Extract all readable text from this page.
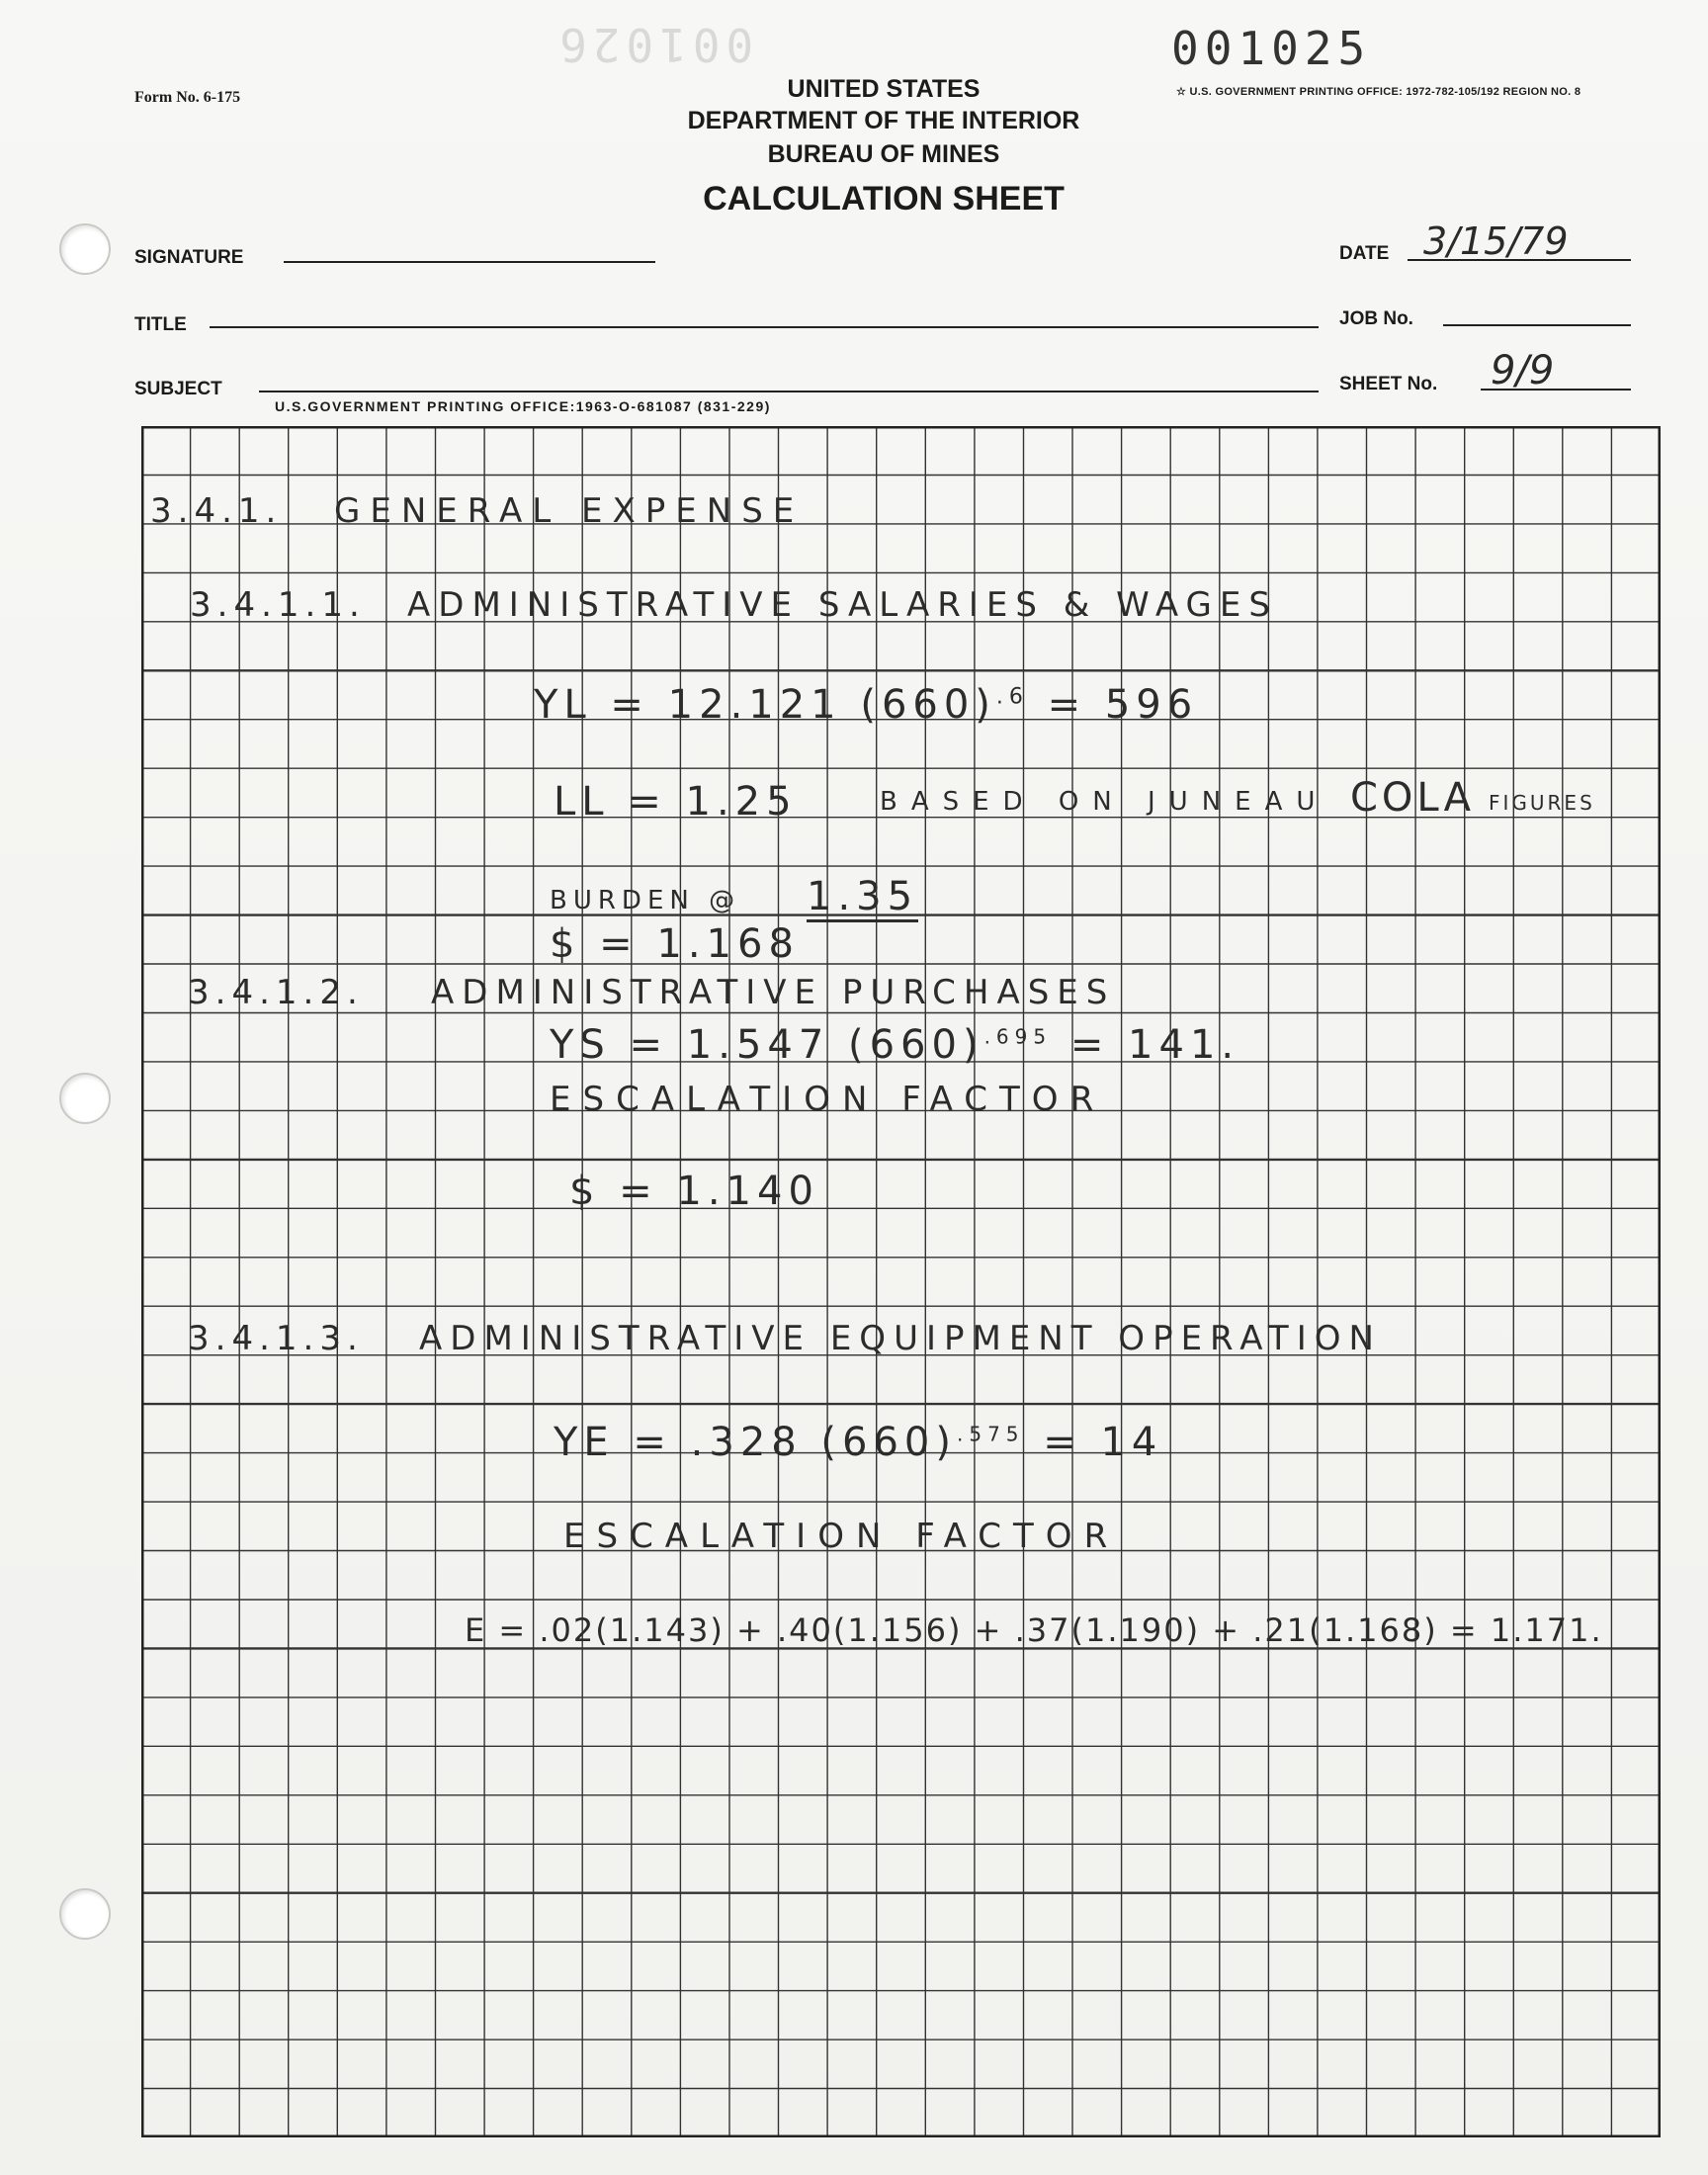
001026	001025
Form No. 6-175	☆ U.S. GOVERNMENT PRINTING OFFICE: 1972-782-105/192 REGION NO. 8
UNITED STATES
DEPARTMENT OF THE INTERIOR
BUREAU OF MINES
CALCULATION SHEET
SIGNATURE	DATE 3/15/79
TITLE	JOB No.
SUBJECT	SHEET No. 9/9
U.S.GOVERNMENT PRINTING OFFICE:1963-O-681087 (831-229)
3.4.1. GENERAL EXPENSE
3.4.1.1. ADMINISTRATIVE SALARIES & WAGES
YL = 12.121 $(660)^{.6} = 596$
LL = 1.25	BASED ON JUNEAU COLA FIGURES
BURDEN @ 1.35
$ = 1.168
3.4.1.2. ADMINISTRATIVE PURCHASES
YS = 1.547 $(660)^{.695} = 141$.
ESCALATION FACTOR
$ = 1.140
3.4.1.3. ADMINISTRATIVE EQUIPMENT OPERATION
YE = .328 $(660)^{.575} = 14$
ESCALATION FACTOR
E = .02(1.143) + .40(1.156) + .37(1.190) + .21(1.168) = 1.171.
